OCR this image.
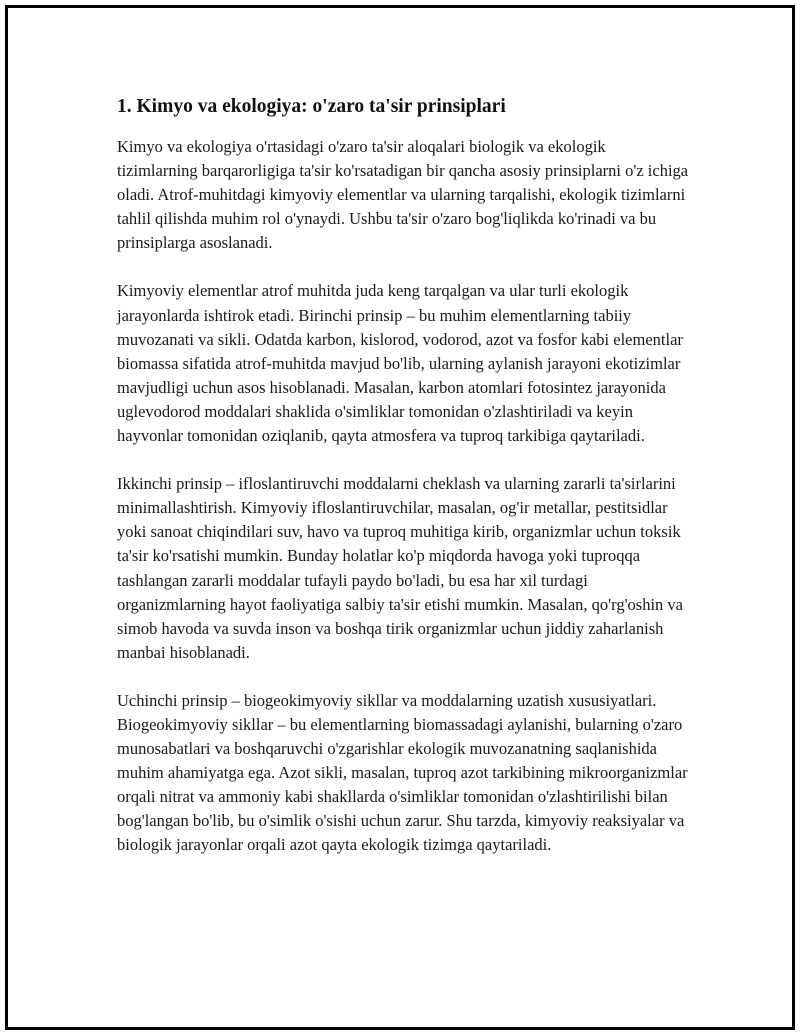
1. Kimyo va ekologiya: o'zaro ta'sir prinsiplari

Kimyo va ekologiya o'rtasidagi o'zaro ta'sir aloqalari biologik va ekologik tizimlarning barqarorligiga ta'sir ko'rsatadigan bir qancha asosiy prinsiplarni o'z ichiga oladi. Atrof-muhitdagi kimyoviy elementlar va ularning tarqalishi, ekologik tizimlarni tahlil qilishda muhim rol o'ynaydi. Ushbu ta'sir o'zaro bog'liqlikda ko'rinadi va bu prinsiplarga asoslanadi.

Kimyoviy elementlar atrof muhitda juda keng tarqalgan va ular turli ekologik jarayonlarda ishtirok etadi. Birinchi prinsip – bu muhim elementlarning tabiiy muvozanati va sikli. Odatda karbon, kislorod, vodorod, azot va fosfor kabi elementlar biomassa sifatida atrof-muhitda mavjud bo'lib, ularning aylanish jarayoni ekotizimlar mavjudligi uchun asos hisoblanadi. Masalan, karbon atomlari fotosintez jarayonida uglevodorod moddalari shaklida o'simliklar tomonidan o'zlashtiriladi va keyin hayvonlar tomonidan oziqlanib, qayta atmosfera va tuproq tarkibiga qaytariladi.

Ikkinchi prinsip – ifloslantiruvchi moddalarni cheklash va ularning zararli ta'sirlarini minimallashtirish. Kimyoviy ifloslantiruvchilar, masalan, og'ir metallar, pestitsidlar yoki sanoat chiqindilari suv, havo va tuproq muhitiga kirib, organizmlar uchun toksik ta'sir ko'rsatishi mumkin. Bunday holatlar ko'p miqdorda havoga yoki tuproqqa tashlangan zararli moddalar tufayli paydo bo'ladi, bu esa har xil turdagi organizmlarning hayot faoliyatiga salbiy ta'sir etishi mumkin. Masalan, qo'rg'oshin va simob havoda va suvda inson va boshqa tirik organizmlar uchun jiddiy zaharlanish manbai hisoblanadi.

Uchinchi prinsip – biogeokimyoviy sikllar va moddalarning uzatish xususiyatlari. Biogeokimyoviy sikllar – bu elementlarning biomassadagi aylanishi, bularning o'zaro munosabatlari va boshqaruvchi o'zgarishlar ekologik muvozanatning saqlanishida muhim ahamiyatga ega. Azot sikli, masalan, tuproq azot tarkibining mikroorganizmlar orqali nitrat va ammoniy kabi shakllarda o'simliklar tomonidan o'zlashtirilishi bilan bog'langan bo'lib, bu o'simlik o'sishi uchun zarur. Shu tarzda, kimyoviy reaksiyalar va biologik jarayonlar orqali azot qayta ekologik tizimga qaytariladi.
